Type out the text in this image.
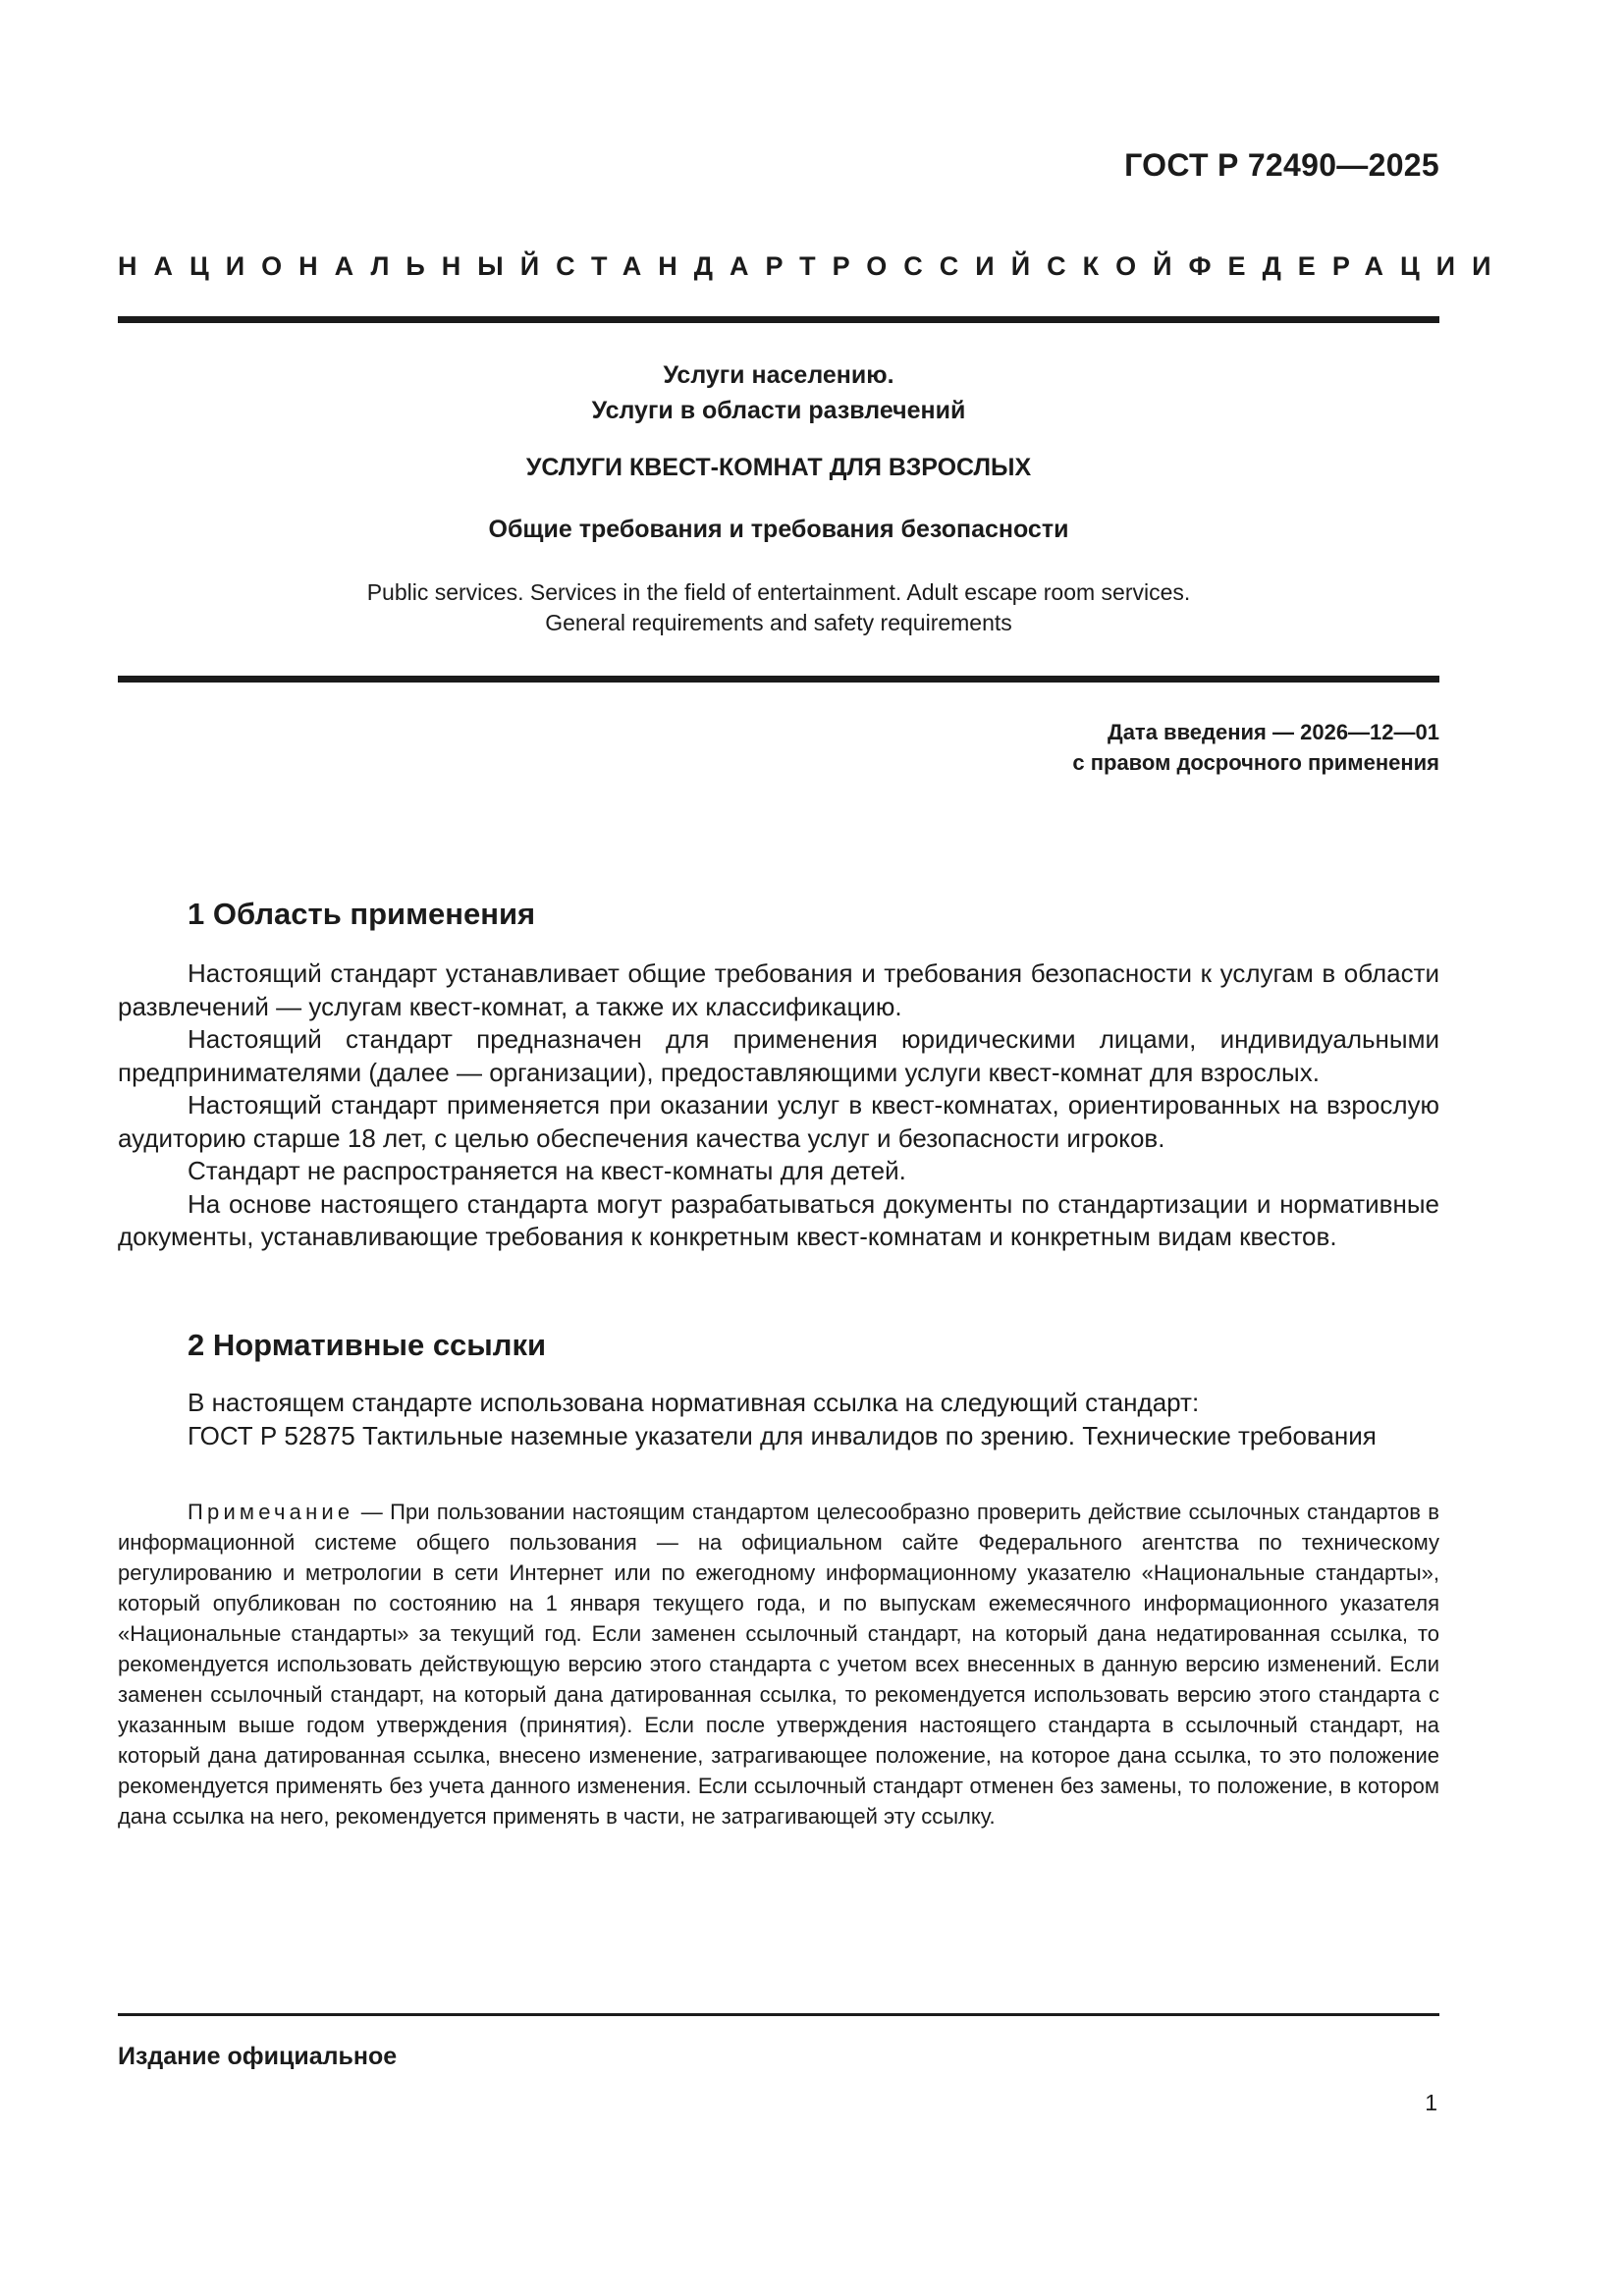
ГОСТ Р 72490—2025
НАЦИОНАЛЬНЫЙ СТАНДАРТ РОССИЙСКОЙ ФЕДЕРАЦИИ
Услуги населению.
Услуги в области развлечений
УСЛУГИ КВЕСТ-КОМНАТ ДЛЯ ВЗРОСЛЫХ
Общие требования и требования безопасности
Public services. Services in the field of entertainment. Adult escape room services.
General requirements and safety requirements
Дата введения — 2026—12—01
с правом досрочного применения
1 Область применения

Настоящий стандарт устанавливает общие требования и требования безопасности к услугам в области развлечений — услугам квест-комнат, а также их классификацию.

Настоящий стандарт предназначен для применения юридическими лицами, индивидуальными предпринимателями (далее — организации), предоставляющими услуги квест-комнат для взрослых.

Настоящий стандарт применяется при оказании услуг в квест-комнатах, ориентированных на взрослую аудиторию старше 18 лет, с целью обеспечения качества услуг и безопасности игроков.

Стандарт не распространяется на квест-комнаты для детей.

На основе настоящего стандарта могут разрабатываться документы по стандартизации и нормативные документы, устанавливающие требования к конкретным квест-комнатам и конкретным видам квестов.

2 Нормативные ссылки

В настоящем стандарте использована нормативная ссылка на следующий стандарт:

ГОСТ Р 52875 Тактильные наземные указатели для инвалидов по зрению. Технические требования

Примечание — При пользовании настоящим стандартом целесообразно проверить действие ссылочных стандартов в информационной системе общего пользования — на официальном сайте Федерального агентства по техническому регулированию и метрологии в сети Интернет или по ежегодному информационному указателю «Национальные стандарты», который опубликован по состоянию на 1 января текущего года, и по выпускам ежемесячного информационного указателя «Национальные стандарты» за текущий год. Если заменен ссылочный стандарт, на который дана недатированная ссылка, то рекомендуется использовать действующую версию этого стандарта с учетом всех внесенных в данную версию изменений. Если заменен ссылочный стандарт, на который дана датированная ссылка, то рекомендуется использовать версию этого стандарта с указанным выше годом утверждения (принятия). Если после утверждения настоящего стандарта в ссылочный стандарт, на который дана датированная ссылка, внесено изменение, затрагивающее положение, на которое дана ссылка, то это положение рекомендуется применять без учета данного изменения. Если ссылочный стандарт отменен без замены, то положение, в котором дана ссылка на него, рекомендуется применять в части, не затрагивающей эту ссылку.

Издание официальное
1
